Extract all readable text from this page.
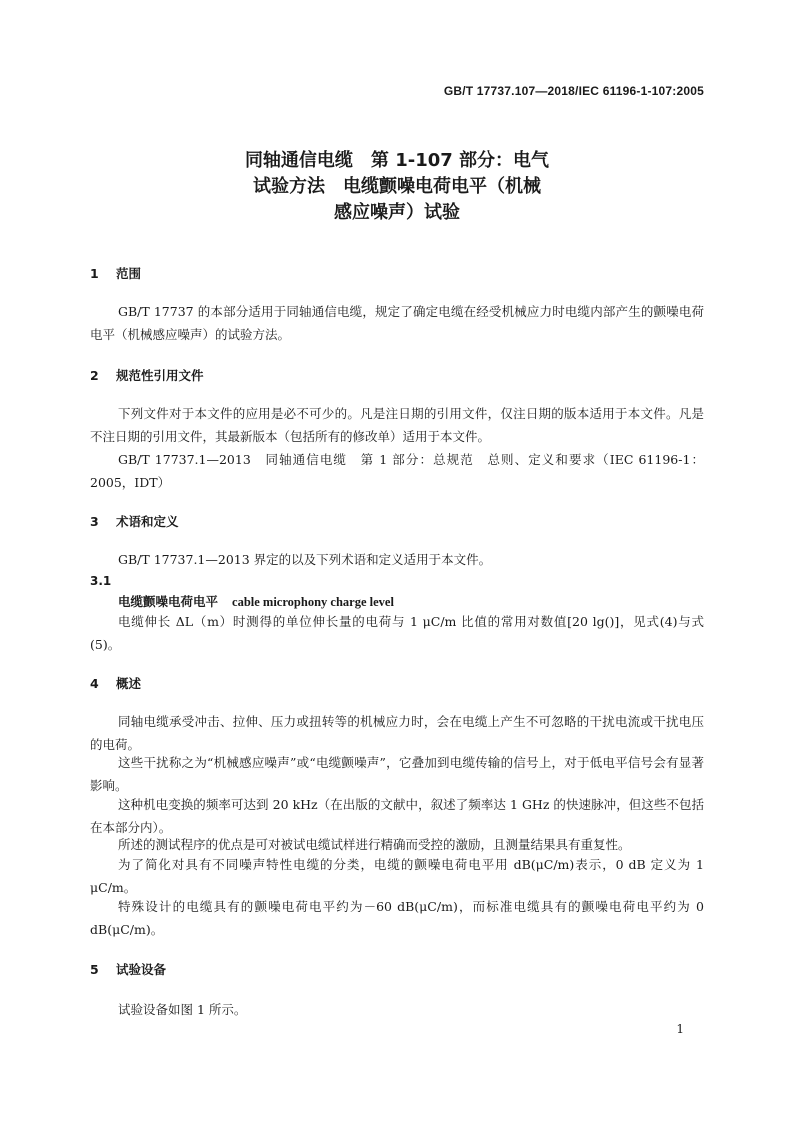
GB/T 17737.107—2018/IEC 61196-1-107:2005
同轴通信电缆　第 1-107 部分：电气
试验方法　电缆颤噪电荷电平（机械
感应噪声）试验
1 范围
GB/T 17737 的本部分适用于同轴通信电缆，规定了确定电缆在经受机械应力时电缆内部产生的颤噪电荷电平（机械感应噪声）的试验方法。
2 规范性引用文件
下列文件对于本文件的应用是必不可少的。凡是注日期的引用文件，仅注日期的版本适用于本文件。凡是不注日期的引用文件，其最新版本（包括所有的修改单）适用于本文件。
GB/T 17737.1—2013　同轴通信电缆　第 1 部分：总规范　总则、定义和要求（IEC 61196-1：2005，IDT）
3 术语和定义
GB/T 17737.1—2013 界定的以及下列术语和定义适用于本文件。
3.1
电缆颤噪电荷电平 cable microphony charge level
电缆伸长 ΔL（m）时测得的单位伸长量的电荷与 1 μC/m 比值的常用对数值[20 lg()]，见式(4)与式(5)。
4 概述
同轴电缆承受冲击、拉伸、压力或扭转等的机械应力时，会在电缆上产生不可忽略的干扰电流或干扰电压的电荷。
这些干扰称之为“机械感应噪声”或“电缆颤噪声”，它叠加到电缆传输的信号上，对于低电平信号会有显著影响。
这种机电变换的频率可达到 20 kHz（在出版的文献中，叙述了频率达 1 GHz 的快速脉冲，但这些不包括在本部分内）。
所述的测试程序的优点是可对被试电缆试样进行精确而受控的激励，且测量结果具有重复性。
为了简化对具有不同噪声特性电缆的分类，电缆的颤噪电荷电平用 dB(μC/m)表示，0 dB 定义为 1 μC/m。
特殊设计的电缆具有的颤噪电荷电平约为－60 dB(μC/m)，而标准电缆具有的颤噪电荷电平约为 0 dB(μC/m)。
5 试验设备
试验设备如图 1 所示。
1
